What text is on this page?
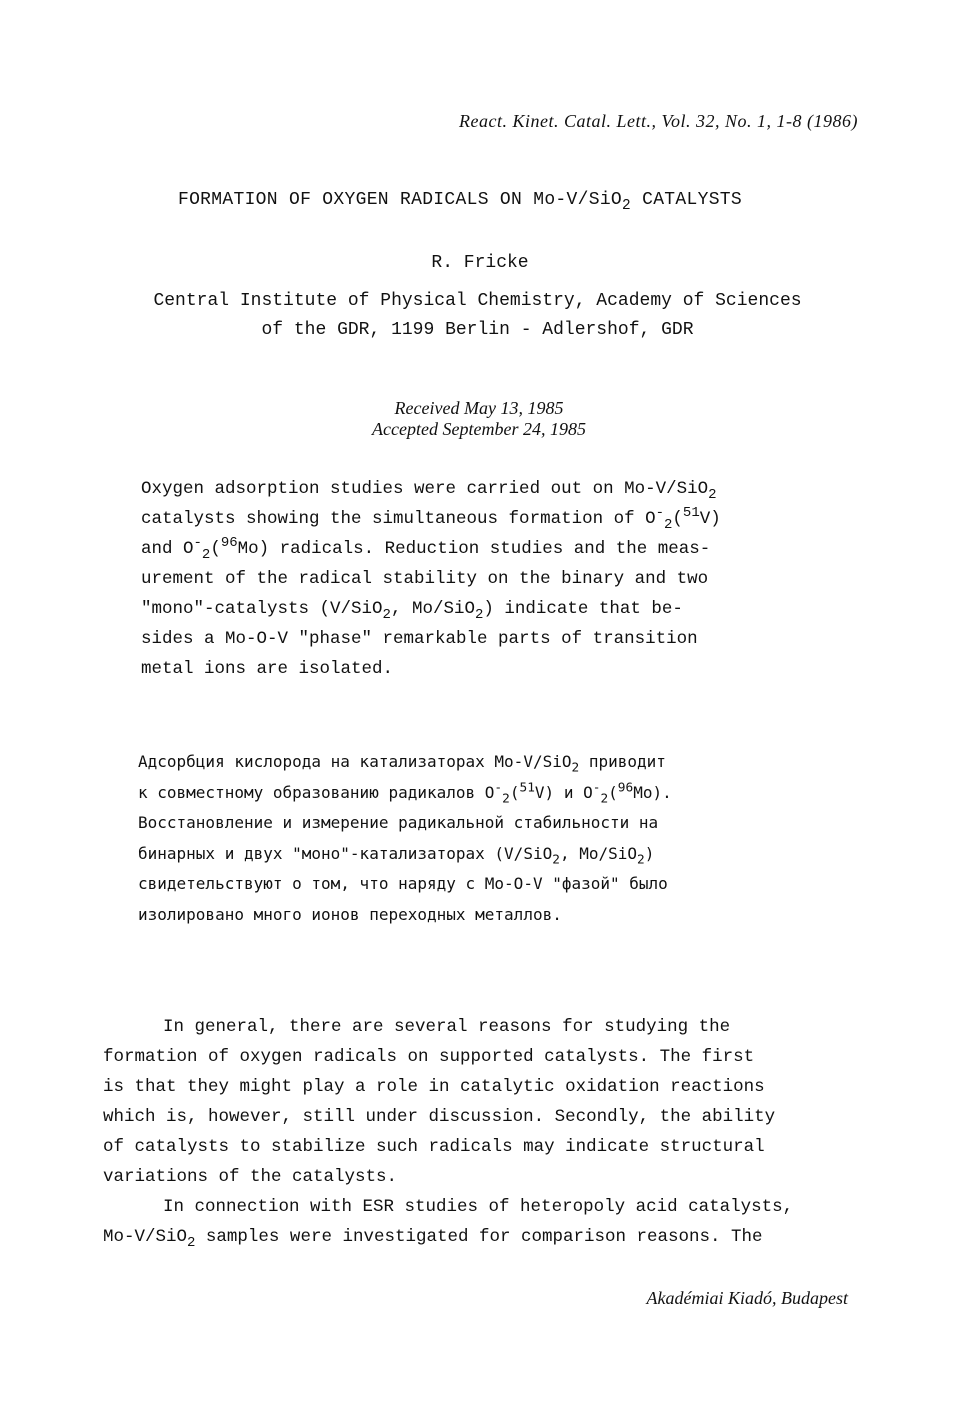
React. Kinet. Catal. Lett., Vol. 32, No. 1, 1-8 (1986)
FORMATION OF OXYGEN RADICALS ON Mo-V/SiO$_2$ CATALYSTS
R. Fricke
Central Institute of Physical Chemistry, Academy of Sciences
of the GDR, 1199 Berlin - Adlershof, GDR
Received May 13, 1985
Accepted September 24, 1985
Oxygen adsorption studies were carried out on Mo-V/SiO$_2$
catalysts showing the simultaneous formation of $O^-_2(^{51}V)$
and $O^-_2(^{96}Mo)$ radicals. Reduction studies and the meas-
urement of the radical stability on the binary and two
"mono"-catalysts (V/SiO$_2$, Mo/SiO$_2$) indicate that be-
sides a Mo-O-V "phase" remarkable parts of transition
metal ions are isolated.
Адсорбция кислорода на катализаторах Mo-V/SiO$_2$ приводит
к совместному образованию радикалов $O^-_2(^{51}V)$ и $O^-_2(^{96}Mo)$.
Восстановление и измерение радикальной стабильности на
бинарных и двух "моно"-катализаторах (V/SiO$_2$, Mo/SiO$_2$)
свидетельствуют о том, что наряду с Mo-O-V "фазой" было
изолировано много ионов переходных металлов.

In general, there are several reasons for studying the

formation of oxygen radicals on supported catalysts. The first
is that they might play a role in catalytic oxidation reactions
which is, however, still under discussion. Secondly, the ability
of catalysts to stabilize such radicals may indicate structural
variations of the catalysts.

In connection with ESR studies of heteropoly acid catalysts,

Mo-V/SiO$_2$ samples were investigated for comparison reasons. The

Akadémiai Kiadó, Budapest
